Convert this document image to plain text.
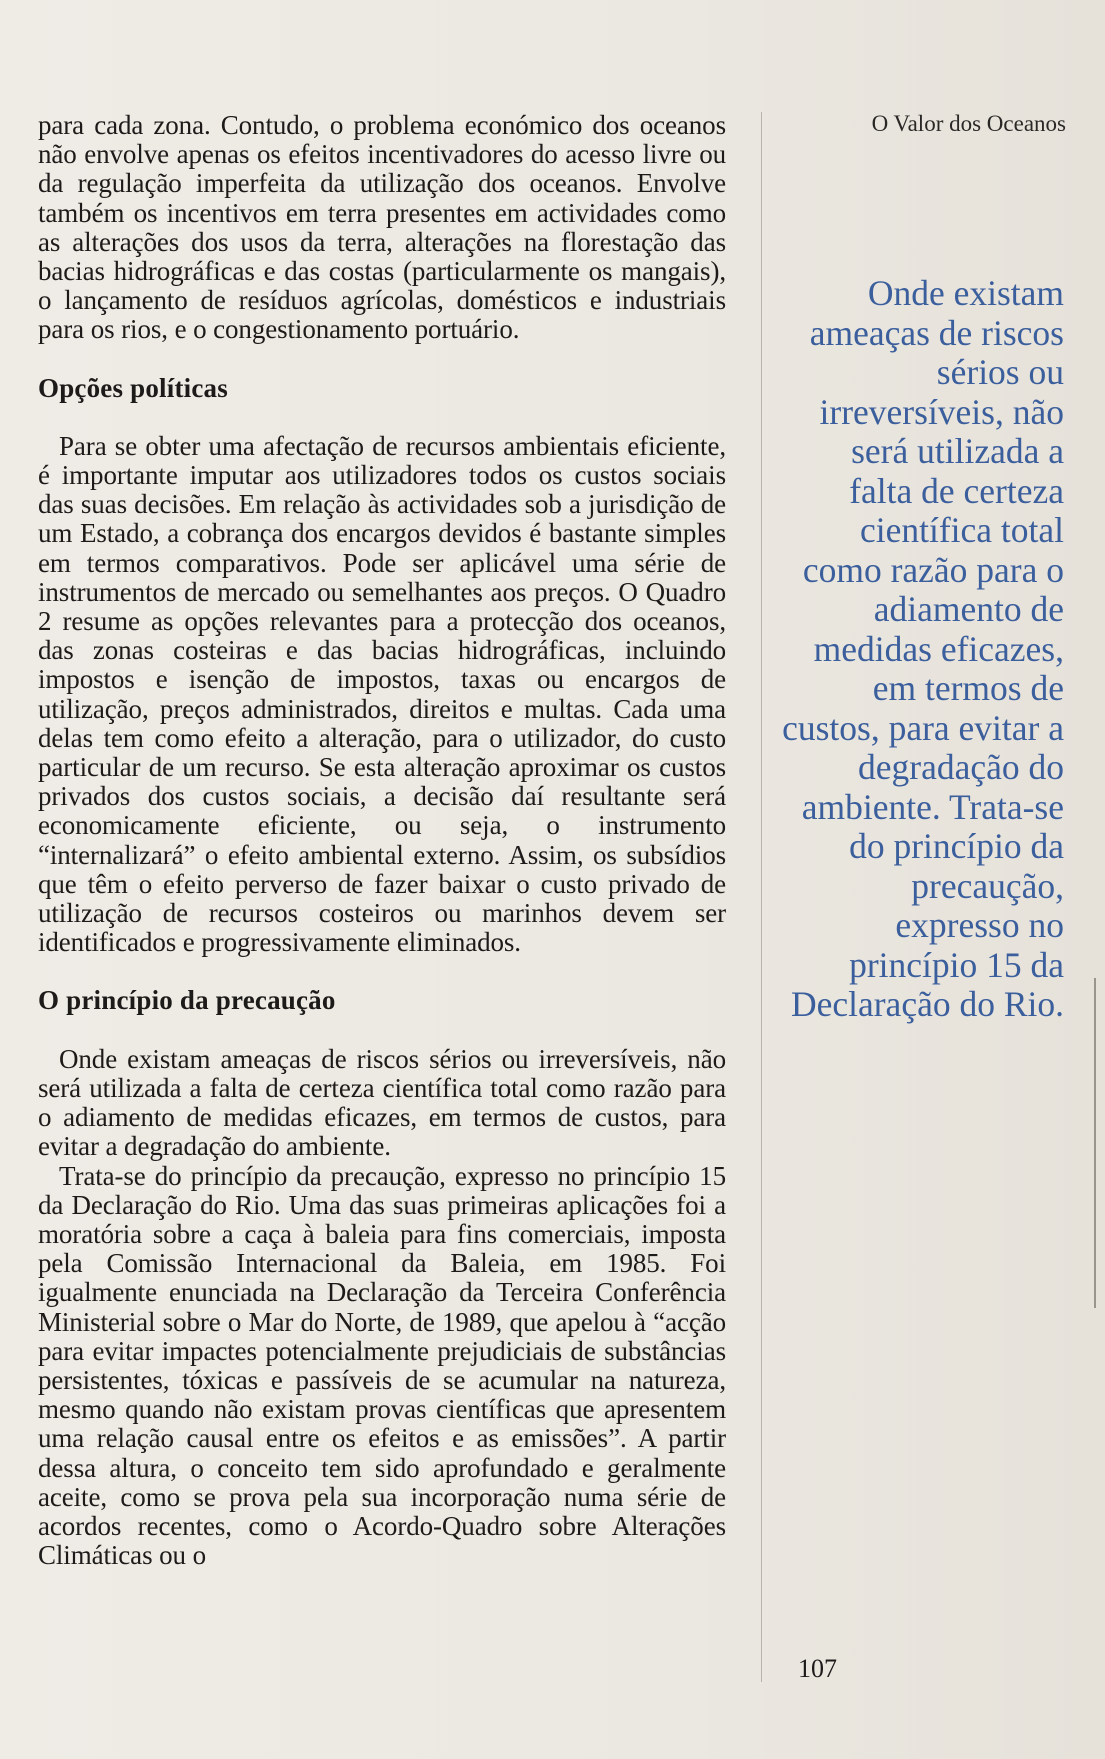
para cada zona. Contudo, o problema económico dos oceanos não envolve apenas os efeitos incentivadores do acesso livre ou da regulação imperfeita da utilização dos oceanos. Envolve também os incentivos em terra presentes em actividades como as alterações dos usos da terra, alterações na florestação das bacias hidrográficas e das costas (particularmente os mangais), o lançamento de resíduos agrícolas, domésticos e industriais para os rios, e o congestionamento portuário.

Opções políticas

Para se obter uma afectação de recursos ambientais eficiente, é importante imputar aos utilizadores todos os custos sociais das suas decisões. Em relação às actividades sob a jurisdição de um Estado, a cobrança dos encargos devidos é bastante simples em termos comparativos. Pode ser aplicável uma série de instrumentos de mercado ou semelhantes aos preços. O Quadro 2 resume as opções relevantes para a protecção dos oceanos, das zonas costeiras e das bacias hidrográficas, incluindo impostos e isenção de impostos, taxas ou encargos de utilização, preços administrados, direitos e multas. Cada uma delas tem como efeito a alteração, para o utilizador, do custo particular de um recurso. Se esta alteração aproximar os custos privados dos custos sociais, a decisão daí resultante será economicamente eficiente, ou seja, o instrumento “internalizará” o efeito ambiental externo. Assim, os subsídios que têm o efeito perverso de fazer baixar o custo privado de utilização de recursos costeiros ou marinhos devem ser identificados e progressivamente eliminados.

O princípio da precaução

Onde existam ameaças de riscos sérios ou irreversíveis, não será utilizada a falta de certeza científica total como razão para o adiamento de medidas eficazes, em termos de custos, para evitar a degradação do ambiente.

Trata-se do princípio da precaução, expresso no princípio 15 da Declaração do Rio. Uma das suas primeiras aplicações foi a moratória sobre a caça à baleia para fins comerciais, imposta pela Comissão Internacional da Baleia, em 1985. Foi igualmente enunciada na Declaração da Terceira Conferência Ministerial sobre o Mar do Norte, de 1989, que apelou à “acção para evitar impactes potencialmente prejudiciais de substâncias persistentes, tóxicas e passíveis de se acumular na natureza, mesmo quando não existam provas científicas que apresentem uma relação causal entre os efeitos e as emissões”. A partir dessa altura, o conceito tem sido aprofundado e geralmente aceite, como se prova pela sua incorporação numa série de acordos recentes, como o Acordo-Quadro sobre Alterações Climáticas ou o

O Valor dos Oceanos
Onde existam ameaças de riscos sérios ou irreversíveis, não será utilizada a falta de certeza científica total como razão para o adiamento de medidas eficazes, em termos de custos, para evitar a degradação do ambiente. Trata-se do princípio da precaução, expresso no princípio 15 da Declaração do Rio.
107
